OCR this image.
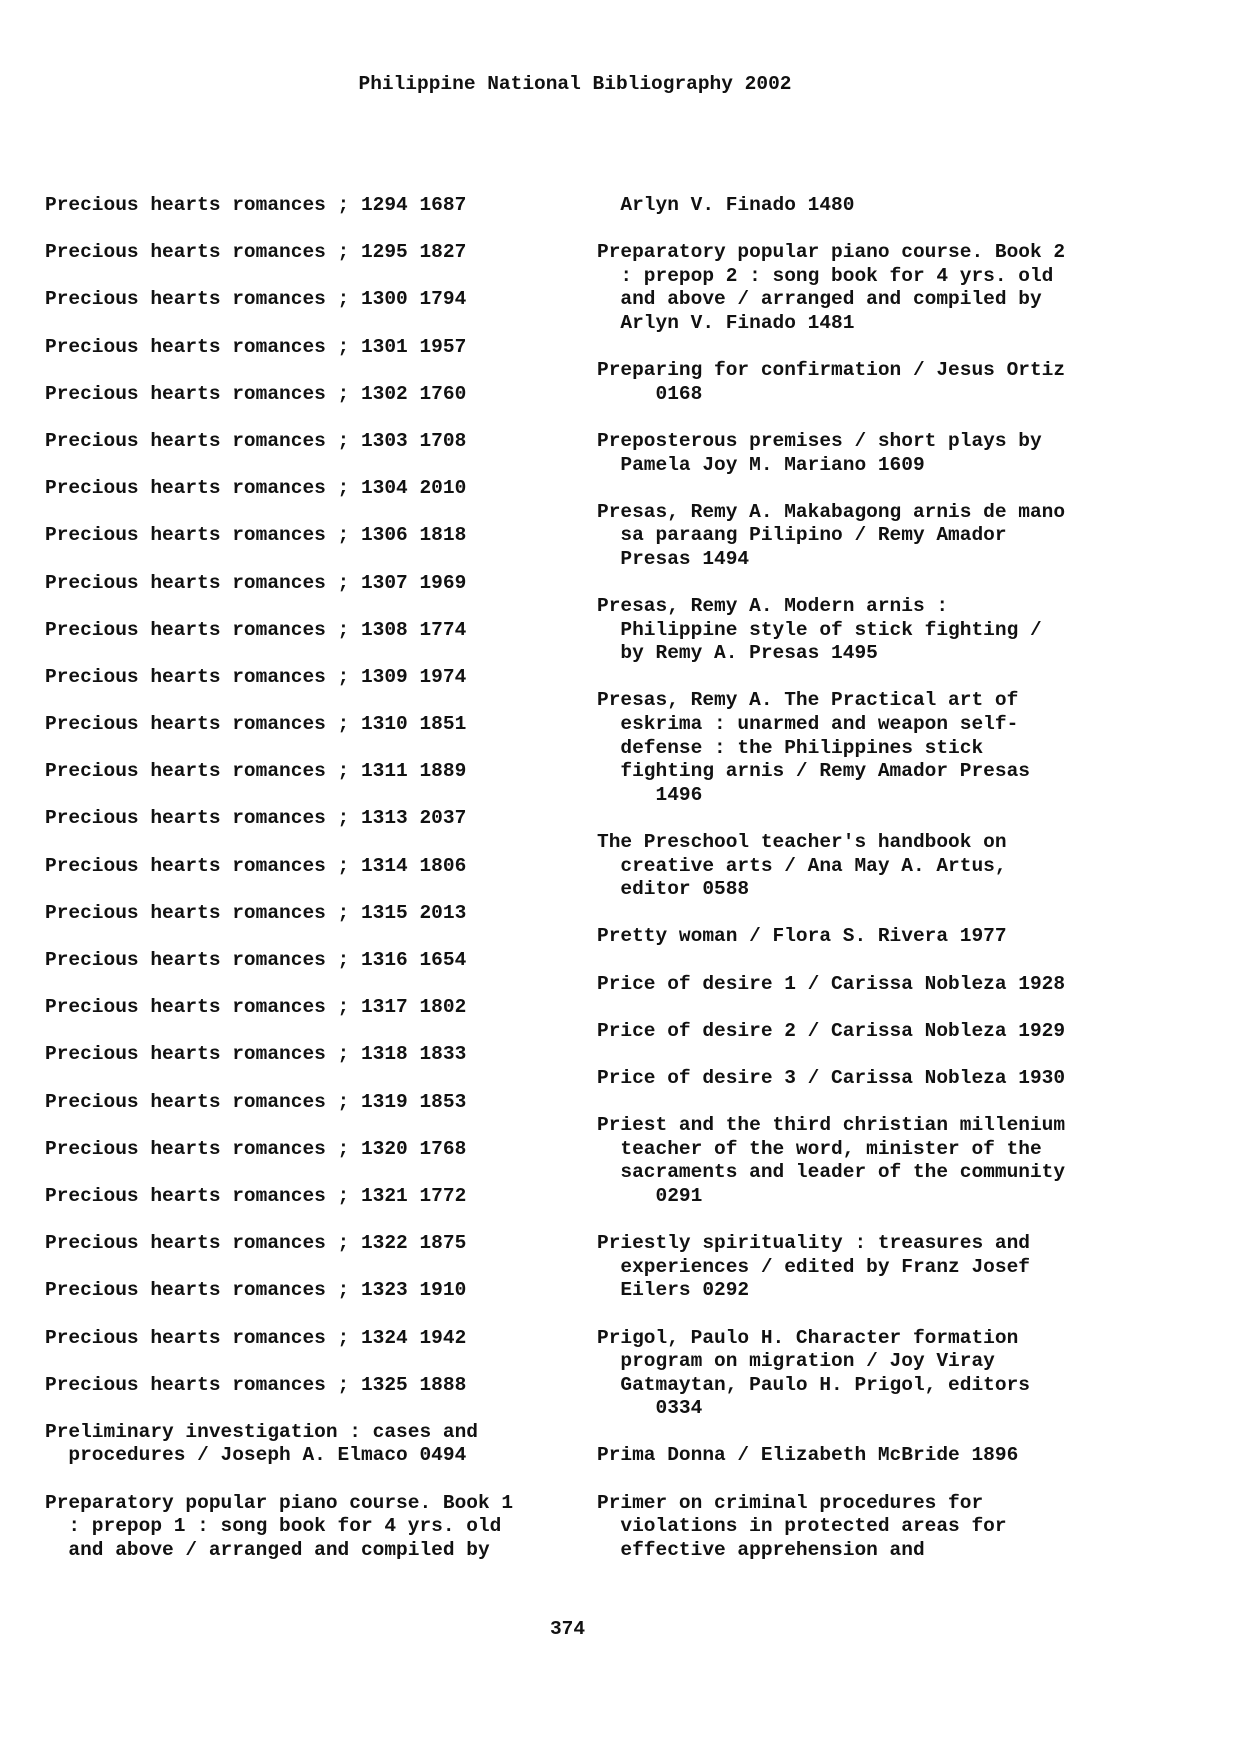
Philippine National Bibliography 2002
Precious hearts romances ; 1294 1687
Precious hearts romances ; 1295 1827
Precious hearts romances ; 1300 1794
Precious hearts romances ; 1301 1957
Precious hearts romances ; 1302 1760
Precious hearts romances ; 1303 1708
Precious hearts romances ; 1304 2010
Precious hearts romances ; 1306 1818
Precious hearts romances ; 1307 1969
Precious hearts romances ; 1308 1774
Precious hearts romances ; 1309 1974
Precious hearts romances ; 1310 1851
Precious hearts romances ; 1311 1889
Precious hearts romances ; 1313 2037
Precious hearts romances ; 1314 1806
Precious hearts romances ; 1315 2013
Precious hearts romances ; 1316 1654
Precious hearts romances ; 1317 1802
Precious hearts romances ; 1318 1833
Precious hearts romances ; 1319 1853
Precious hearts romances ; 1320 1768
Precious hearts romances ; 1321 1772
Precious hearts romances ; 1322 1875
Precious hearts romances ; 1323 1910
Precious hearts romances ; 1324 1942
Precious hearts romances ; 1325 1888
Preliminary investigation : cases and
procedures / Joseph A. Elmaco 0494
Preparatory popular piano course. Book 1
: prepop 1 : song book for 4 yrs. old
and above / arranged and compiled by
Arlyn V. Finado 1480
Preparatory popular piano course. Book 2
: prepop 2 : song book for 4 yrs. old
and above / arranged and compiled by
Arlyn V. Finado 1481
Preparing for confirmation / Jesus Ortiz
0168
Preposterous premises / short plays by
Pamela Joy M. Mariano 1609
Presas, Remy A. Makabagong arnis de mano
sa paraang Pilipino / Remy Amador
Presas 1494
Presas, Remy A. Modern arnis :
Philippine style of stick fighting /
by Remy A. Presas 1495
Presas, Remy A. The Practical art of
eskrima : unarmed and weapon self-
defense : the Philippines stick
fighting arnis / Remy Amador Presas
1496
The Preschool teacher's handbook on
creative arts / Ana May A. Artus,
editor 0588
Pretty woman / Flora S. Rivera 1977
Price of desire 1 / Carissa Nobleza 1928
Price of desire 2 / Carissa Nobleza 1929
Price of desire 3 / Carissa Nobleza 1930
Priest and the third christian millenium
teacher of the word, minister of the
sacraments and leader of the community
0291
Priestly spirituality : treasures and
experiences / edited by Franz Josef
Eilers 0292
Prigol, Paulo H. Character formation
program on migration / Joy Viray
Gatmaytan, Paulo H. Prigol, editors
0334
Prima Donna / Elizabeth McBride 1896
Primer on criminal procedures for
violations in protected areas for
effective apprehension and
374
